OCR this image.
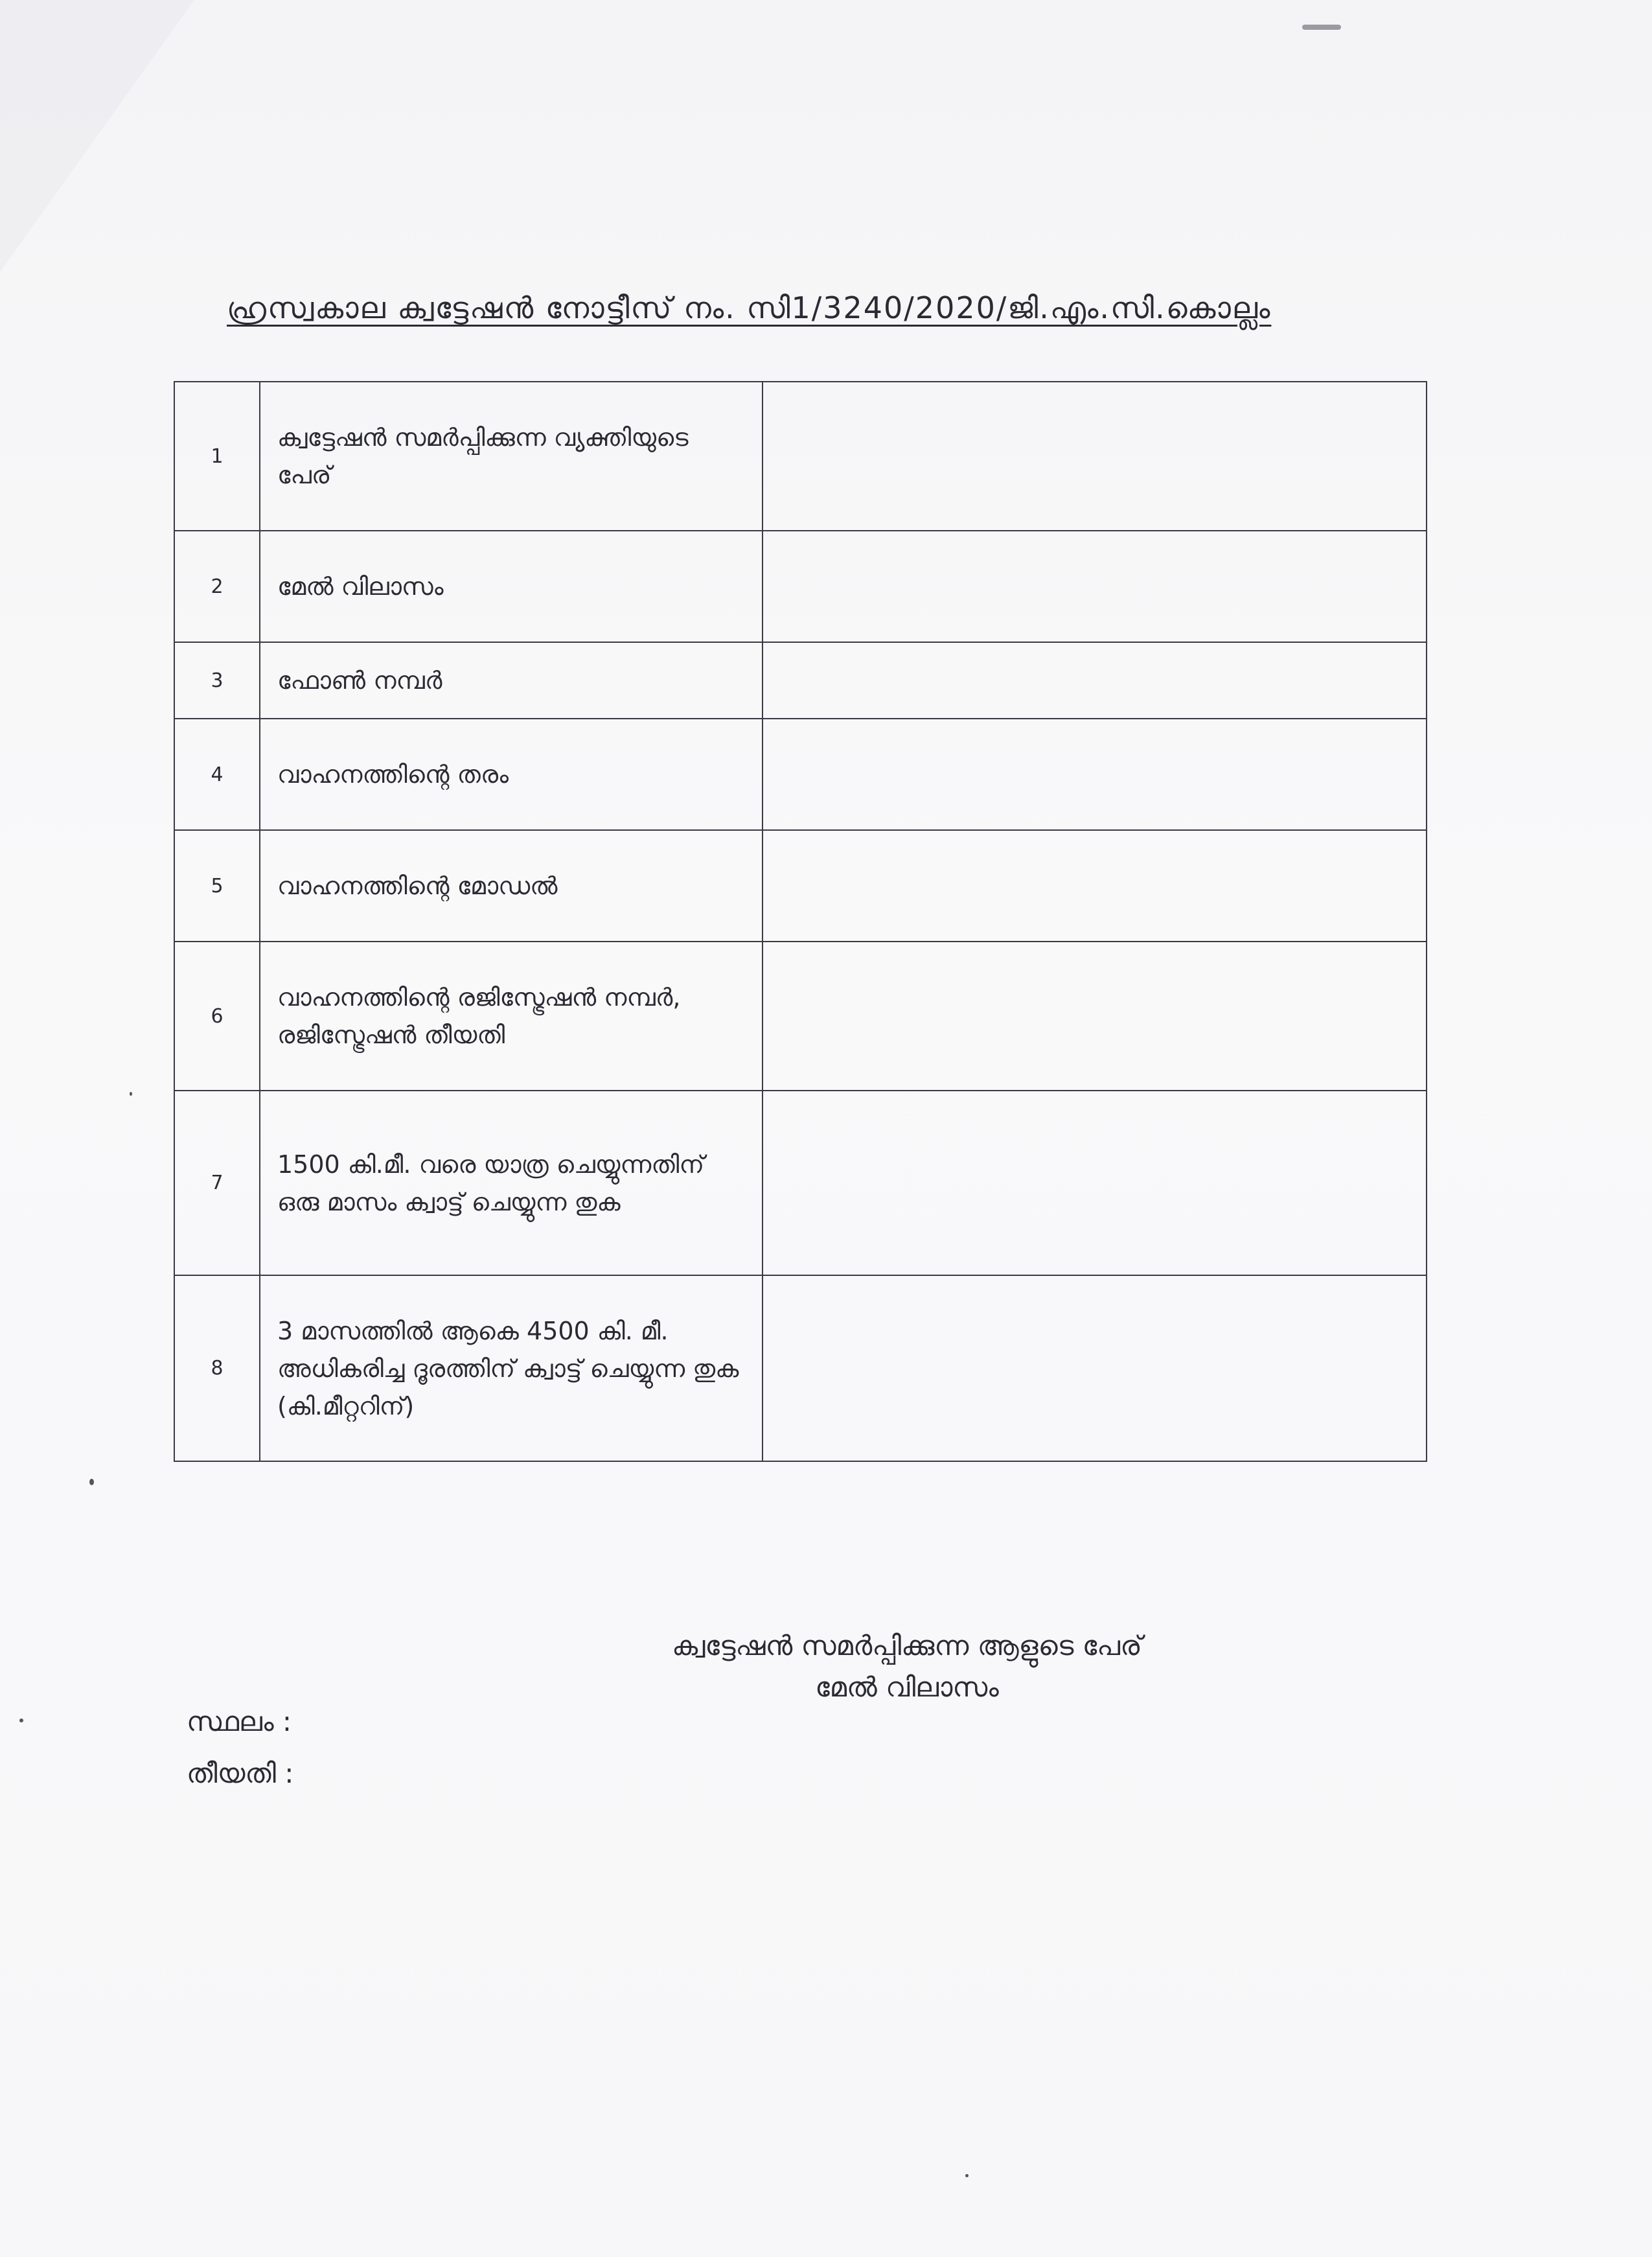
ഹ്രസ്വകാല ക്വട്ടേഷൻ നോട്ടീസ് നം. സി1/3240/2020/ജി.എം.സി.കൊല്ലം
1	ക്വട്ടേഷൻ സമർപ്പിക്കുന്ന വ്യക്തിയുടെ പേര്	
2	മേൽ വിലാസം	
3	ഫോൺ നമ്പർ	
4	വാഹനത്തിന്റെ തരം	
5	വാഹനത്തിന്റെ മോഡൽ	
6	വാഹനത്തിന്റെ രജിസ്ട്രേഷൻ നമ്പർ, രജിസ്ട്രേഷൻ തീയതി	
7	1500 കി.മീ. വരെ യാത്ര ചെയ്യുന്നതിന് ഒരു മാസം ക്വാട്ട് ചെയ്യുന്ന തുക	
8	3 മാസത്തിൽ ആകെ 4500 കി. മീ. അധികരിച്ച ദൂരത്തിന് ക്വാട്ട് ചെയ്യുന്ന തുക (കി.മീറ്ററിന്)	
ക്വട്ടേഷൻ സമർപ്പിക്കുന്ന ആളുടെ പേര്
മേൽ വിലാസം
സ്ഥലം :
തീയതി :
